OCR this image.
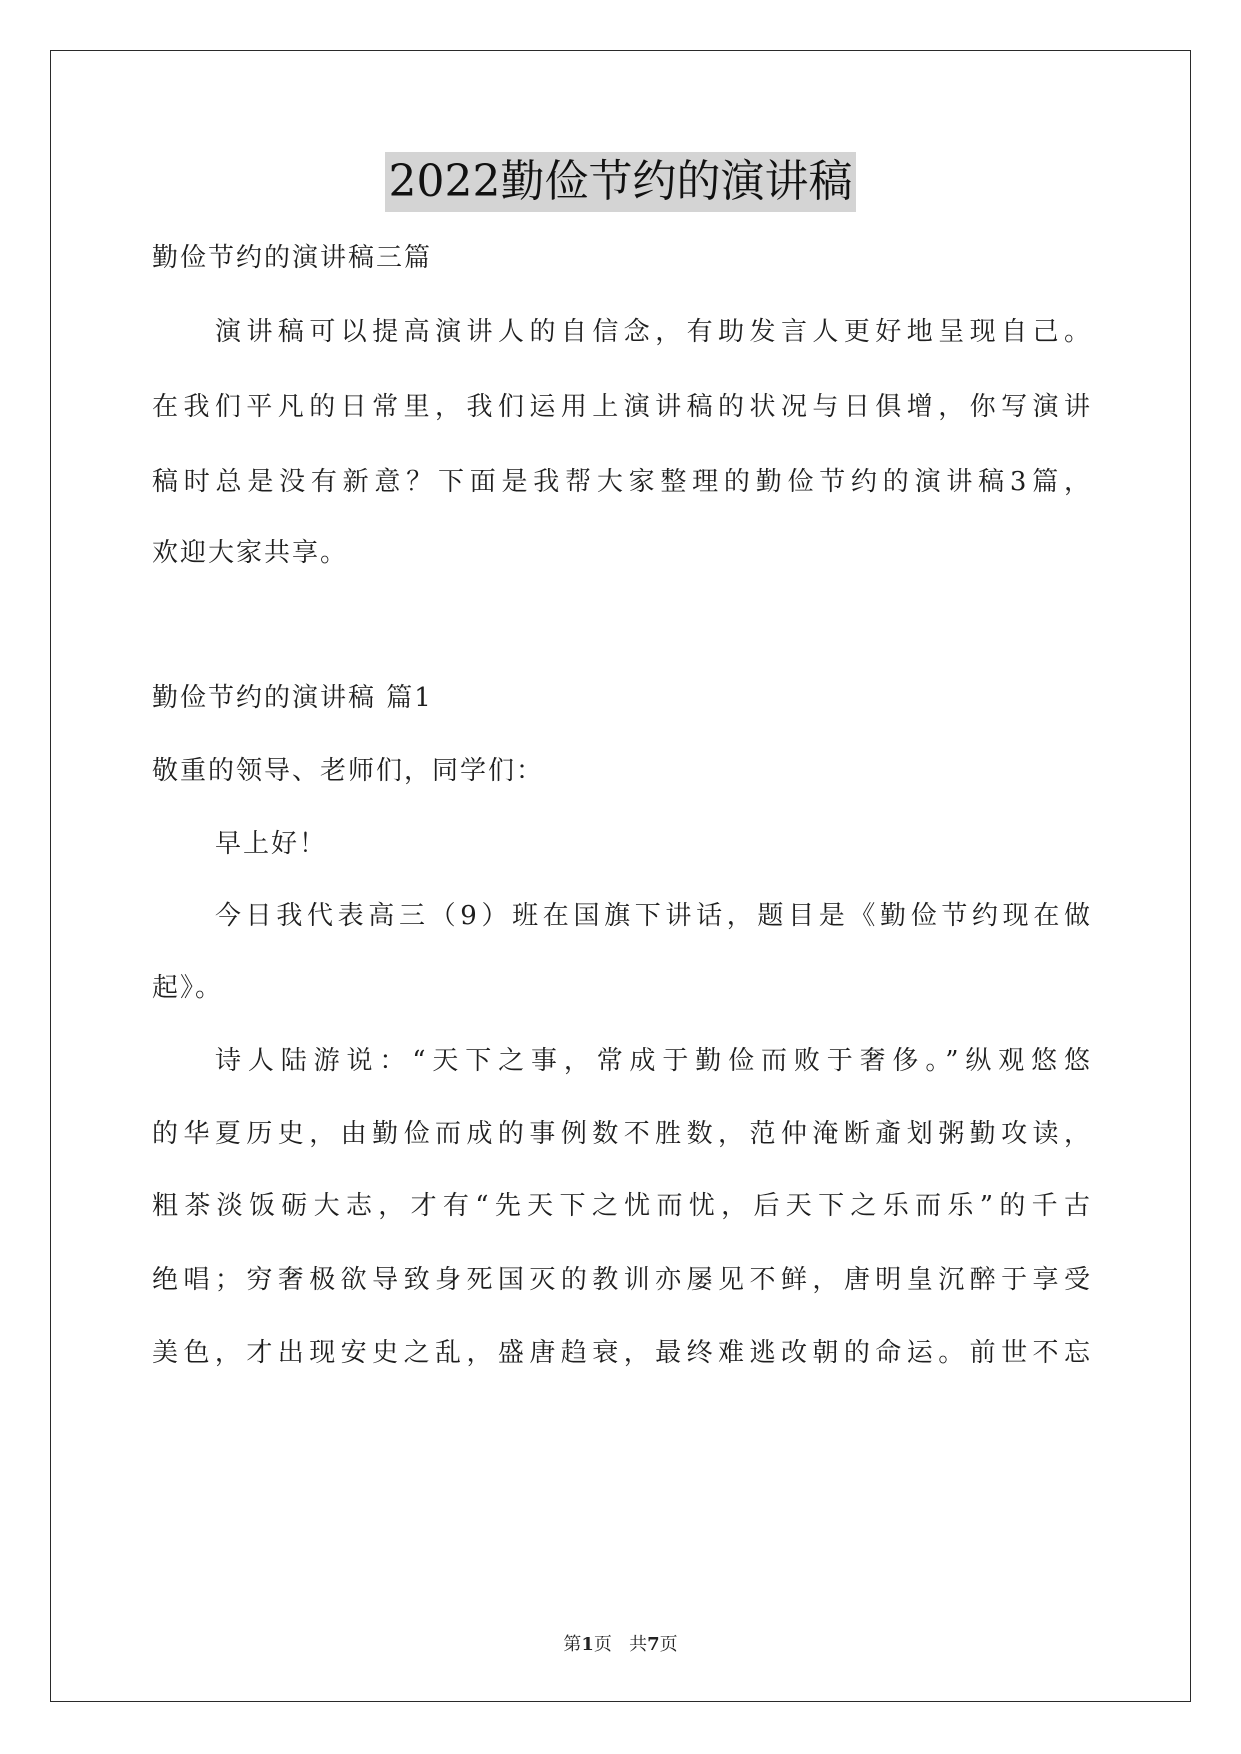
2022勤俭节约的演讲稿
勤俭节约的演讲稿三篇
演讲稿可以提高演讲人的自信念，有助发言人更好地呈现自己。
在我们平凡的日常里，我们运用上演讲稿的状况与日俱增，你写演讲
稿时总是没有新意？下面是我帮大家整理的勤俭节约的演讲稿3篇，
欢迎大家共享。
勤俭节约的演讲稿 篇1
敬重的领导、老师们，同学们：
早上好！
今日我代表高三（9）班在国旗下讲话，题目是《勤俭节约现在做
起》。
诗人陆游说：“天下之事，常成于勤俭而败于奢侈。”纵观悠悠
的华夏历史，由勤俭而成的事例数不胜数，范仲淹断齑划粥勤攻读，
粗茶淡饭砺大志，才有“先天下之忧而忧，后天下之乐而乐”的千古
绝唱；穷奢极欲导致身死国灭的教训亦屡见不鲜，唐明皇沉醉于享受
美色，才出现安史之乱，盛唐趋衰，最终难逃改朝的命运。前世不忘
第1页   共7页
